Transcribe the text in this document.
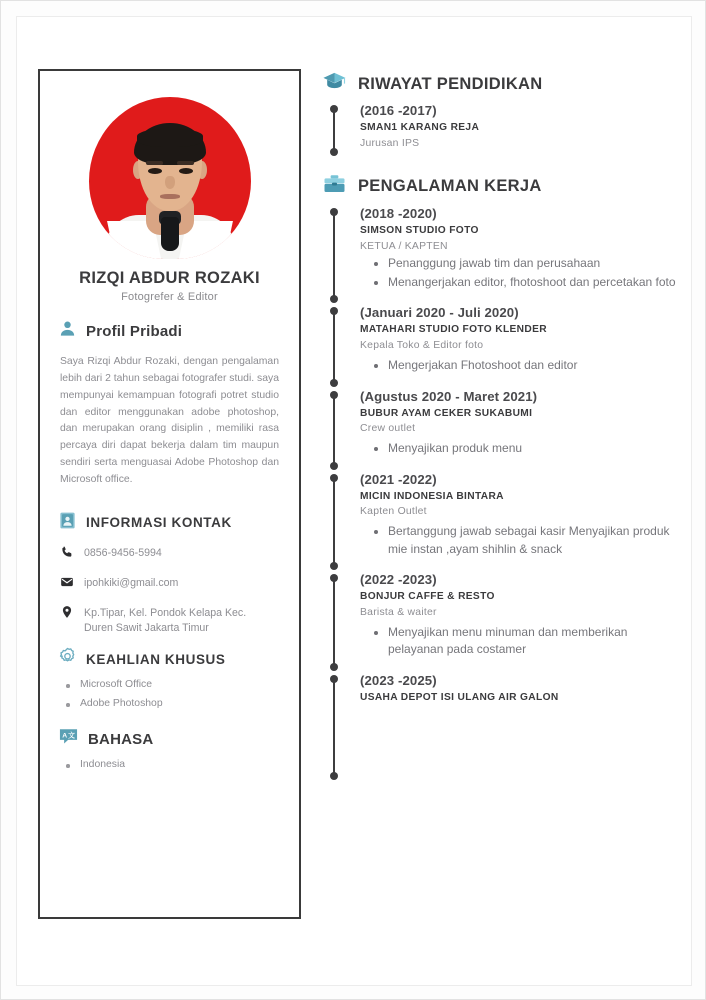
RIZQI ABDUR ROZAKI
Fotogrefer & Editor
Profil Pribadi

Saya Rizqi Abdur Rozaki, dengan pengalaman lebih dari 2 tahun sebagai fotografer studi. saya mempunyai kemampuan fotografi potret studio dan editor menggunakan adobe photoshop, dan merupakan orang disiplin , memiliki rasa percaya diri dapat bekerja dalam tim maupun sendiri serta menguasai Adobe Photoshop dan Microsoft office.

INFORMASI KONTAK
0856-9456-5994
ipohkiki@gmail.com
Kp.Tipar, Kel. Pondok Kelapa Kec. Duren Sawit Jakarta Timur
KEAHLIAN KHUSUS
Microsoft Office
Adobe Photoshop
A 文 BAHASA
Indonesia
RIWAYAT PENDIDIKAN
(2016 -2017)
SMAN1 KARANG REJA
Jurusan IPS
PENGALAMAN KERJA
(2018 -2020)
SIMSON STUDIO FOTO
KETUA / KAPTEN
Penanggung jawab tim dan perusahaan
Menangerjakan editor, fhotoshoot dan percetakan foto
(Januari 2020 - Juli 2020)
MATAHARI STUDIO FOTO KLENDER
Kepala Toko & Editor foto
Mengerjakan Fhotoshoot dan editor
(Agustus 2020 - Maret 2021)
BUBUR AYAM CEKER SUKABUMI
Crew outlet
Menyajikan produk menu
(2021 -2022)
MICIN INDONESIA BINTARA
Kapten Outlet
Bertanggung jawab sebagai kasir Menyajikan produk mie instan ,ayam shihlin & snack
(2022 -2023)
BONJUR CAFFE & RESTO
Barista & waiter
Menyajikan menu minuman dan memberikan pelayanan pada costamer
(2023 -2025)
USAHA DEPOT ISI ULANG AIR GALON
